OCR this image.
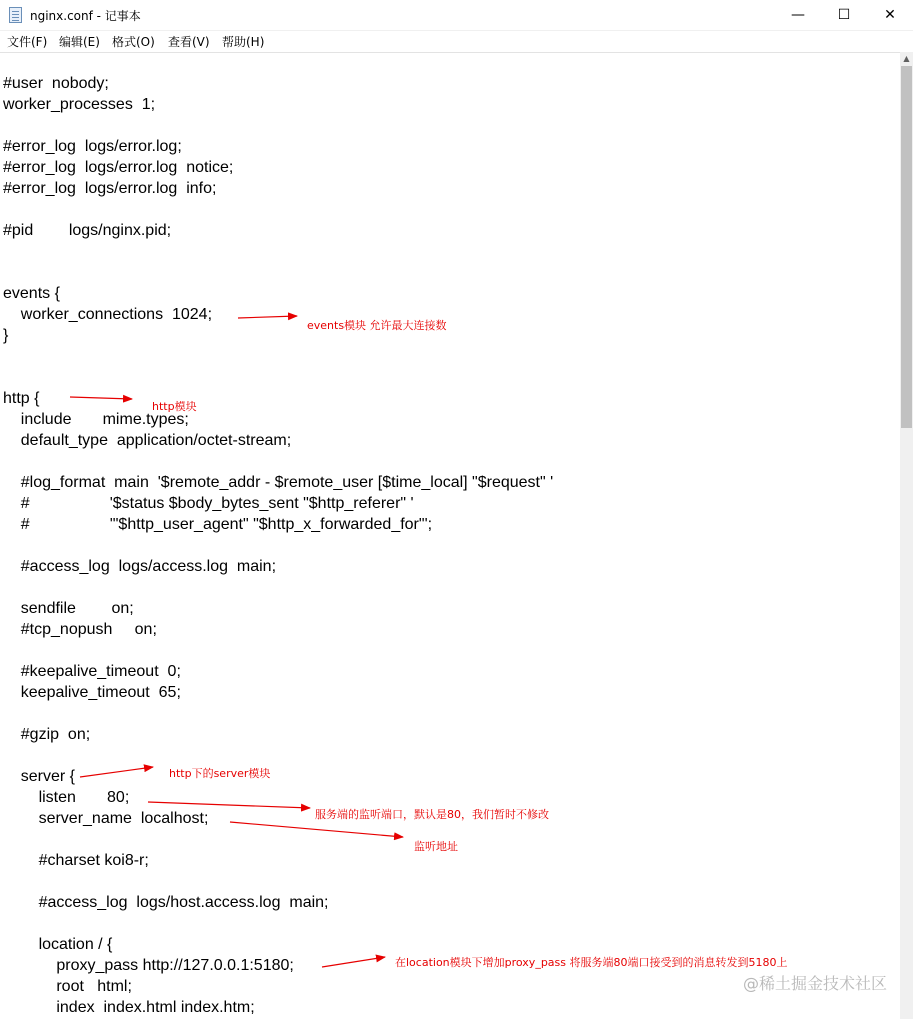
nginx.conf - 记事本	—	☐	✕
文件(F) 编辑(E) 格式(O) 查看(V) 帮助(H)
#user  nobody;
worker_processes  1;
#error_log  logs/error.log;
#error_log  logs/error.log  notice;
#error_log  logs/error.log  info;
#pid        logs/nginx.pid;
events {
worker_connections  1024;
}
http {
include       mime.types;
default_type  application/octet-stream;
#log_format  main  '$remote_addr - $remote_user [$time_local] "$request" '
#                  '$status $body_bytes_sent "$http_referer" '
#                  '"$http_user_agent" "$http_x_forwarded_for"';
#access_log  logs/access.log  main;
sendfile        on;
#tcp_nopush     on;
#keepalive_timeout  0;
keepalive_timeout  65;
#gzip  on;
server {
listen       80;
server_name  localhost;
#charset koi8-r;
#access_log  logs/host.access.log  main;
location / {
proxy_pass http://127.0.0.1:5180;
root   html;
index  index.html index.htm;
▲
events模块 允许最大连接数
http模块
http下的server模块
服务端的监听端口，默认是80，我们暂时不修改
监听地址
在location模块下增加proxy_pass 将服务端80端口接受到的消息转发到5180上
@稀土掘金技术社区
